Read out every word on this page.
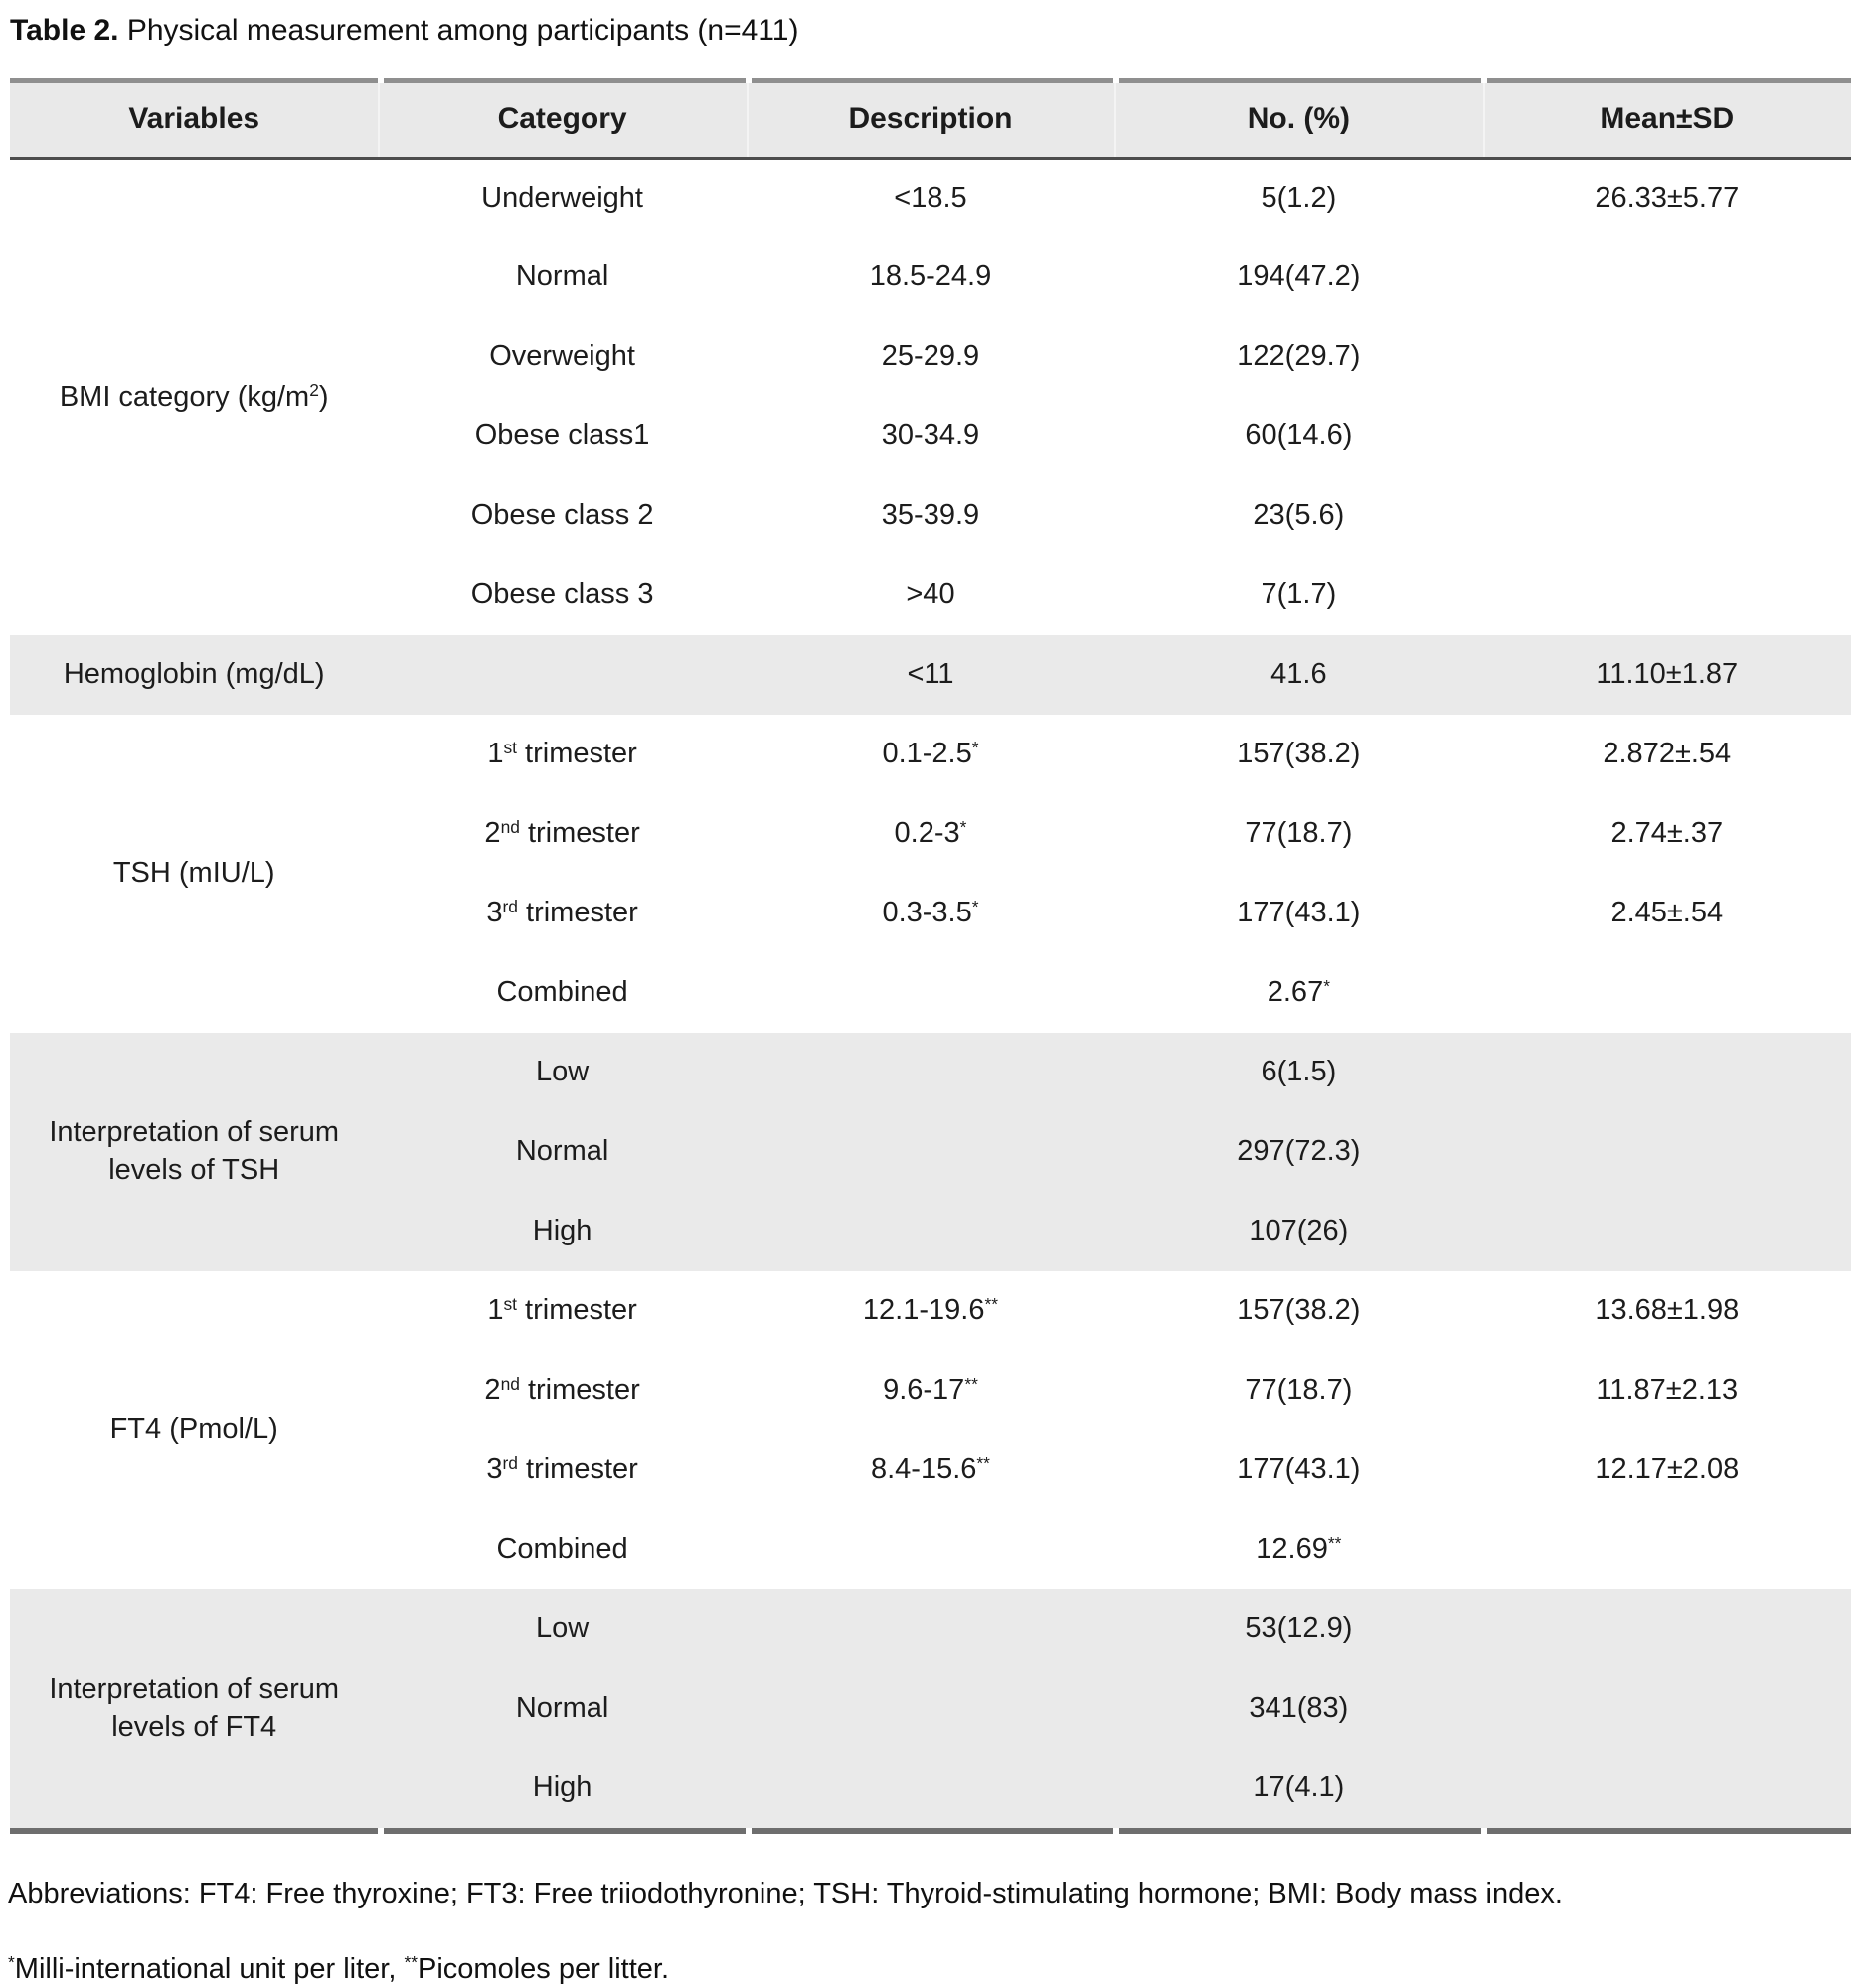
Table 2. Physical measurement among participants (n=411)
Variables	Category	Description	No. (%)	Mean±SD
BMI category $(kg/m^2)$	Underweight	<18.5	5(1.2)	26.33±5.77
	Normal	18.5-24.9	194(47.2)	
	Overweight	25-29.9	122(29.7)	
	Obese class1	30-34.9	60(14.6)	
	Obese class 2	35-39.9	23(5.6)	
	Obese class 3	>40	7(1.7)	
Hemoglobin (mg/dL)		<11	41.6	11.10±1.87
TSH (mIU/L)	1st trimester	0.1-2.5*	157(38.2)	2.872±.54
	2nd trimester	0.2-3*	77(18.7)	2.74±.37
	3rd trimester	0.3-3.5*	177(43.1)	2.45±.54
	Combined		2.67*	
Interpretation of serum
levels of TSH	Low		6(1.5)	
	Normal		297(72.3)	
	High		107(26)	
FT4 (Pmol/L)	1st trimester	12.1-19.6**	157(38.2)	13.68±1.98
	2nd trimester	9.6-17**	77(18.7)	11.87±2.13
	3rd trimester	8.4-15.6**	177(43.1)	12.17±2.08
	Combined		12.69**	
Interpretation of serum
levels of FT4	Low		53(12.9)	
	Normal		341(83)	
	High		17(4.1)	
Abbreviations: FT4: Free thyroxine; FT3: Free triiodothyronine; TSH: Thyroid-stimulating hormone; BMI: Body mass index.
*Milli-international unit per liter, **Picomoles per litter.
